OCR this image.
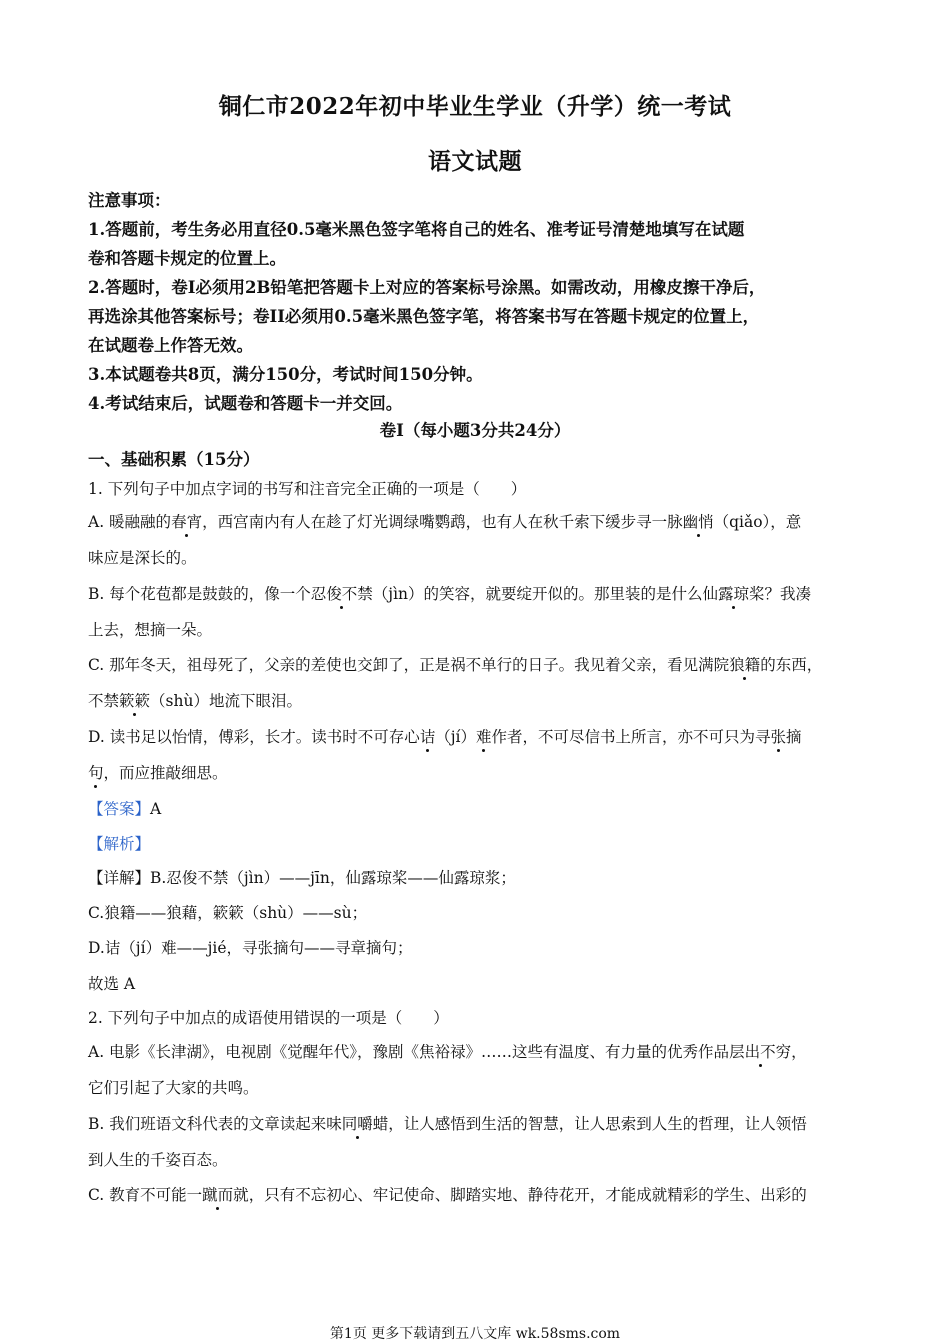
铜仁市2022年初中毕业生学业（升学）统一考试
语文试题

注意事项：

1.答题前，考生务必用直径0.5毫米黑色签字笔将自己的姓名、准考证号清楚地填写在试题

卷和答题卡规定的位置上。

2.答题时，卷I必须用2B铅笔把答题卡上对应的答案标号涂黑。如需改动，用橡皮擦干净后，

再选涂其他答案标号；卷II必须用0.5毫米黑色签字笔，将答案书写在答题卡规定的位置上，

在试题卷上作答无效。

3.本试题卷共8页，满分150分，考试时间150分钟。

4.考试结束后，试题卷和答题卡一并交回。

卷I（每小题3分共24分）
一、基础积累（15分）
1. 下列句子中加点字词的书写和注音完全正确的一项是（　　）
A. 暖融融的春宵，西宫南内有人在趁了灯光调绿嘴鹦鹉，也有人在秋千索下缓步寻一脉幽悄（qiǎo），意
味应是深长的。
B. 每个花苞都是鼓鼓的，像一个忍俊不禁（jìn）的笑容，就要绽开似的。那里装的是什么仙露琼桨？我凑
上去，想摘一朵。
C. 那年冬天，祖母死了，父亲的差使也交卸了，正是祸不单行的日子。我见着父亲，看见满院狼籍的东西，
不禁簌簌（shù）地流下眼泪。
D. 读书足以怡情，傅彩，长才。读书时不可存心诘（jí）难作者，不可尽信书上所言，亦不可只为寻张摘
句，而应推敲细思。
【答案】A
【解析】
【详解】B.忍俊不禁（jìn）——jīn，仙露琼桨——仙露琼浆；
C.狼籍——狼藉，簌簌（shù）——sù；
D.诘（jí）难——jié，寻张摘句——寻章摘句；
故选 A
2. 下列句子中加点的成语使用错误的一项是（　　）
A. 电影《长津湖》，电视剧《觉醒年代》，豫剧《焦裕禄》……这些有温度、有力量的优秀作品层出不穷，
它们引起了大家的共鸣。
B. 我们班语文科代表的文章读起来味同嚼蜡，让人感悟到生活的智慧，让人思索到人生的哲理，让人领悟
到人生的千姿百态。
C. 教育不可能一蹴而就，只有不忘初心、牢记使命、脚踏实地、静待花开，才能成就精彩的学生、出彩的
第1页 更多下载请到五八文库 wk.58sms.com
